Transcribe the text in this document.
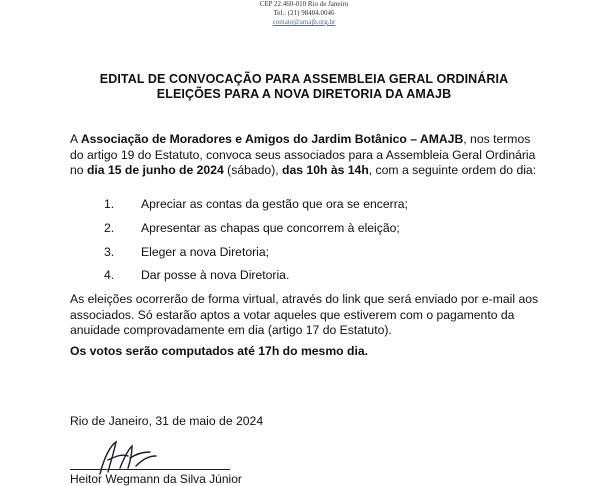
CEP 22.460-010 Rio de Janeiro
Tel.: (21) 98404.0046
contato@amajb.org.br
EDITAL DE CONVOCAÇÃO PARA ASSEMBLEIA GERAL ORDINÁRIA
ELEIÇÕES PARA A NOVA DIRETORIA DA AMAJB
A Associação de Moradores e Amigos do Jardim Botânico – AMAJB, nos termos do artigo 19 do Estatuto, convoca seus associados para a Assembleia Geral Ordinária no dia 15 de junho de 2024 (sábado), das 10h às 14h, com a seguinte ordem do dia:
1. Apreciar as contas da gestão que ora se encerra;
2. Apresentar as chapas que concorrem à eleição;
3. Eleger a nova Diretoria;
4. Dar posse à nova Diretoria.
As eleições ocorrerão de forma virtual, através do link que será enviado por e-mail aos associados. Só estarão aptos a votar aqueles que estiverem com o pagamento da anuidade comprovadamente em dia (artigo 17 do Estatuto).
Os votos serão computados até 17h do mesmo dia.
Rio de Janeiro, 31 de maio de 2024
Heitor Wegmann da Silva Júnior
